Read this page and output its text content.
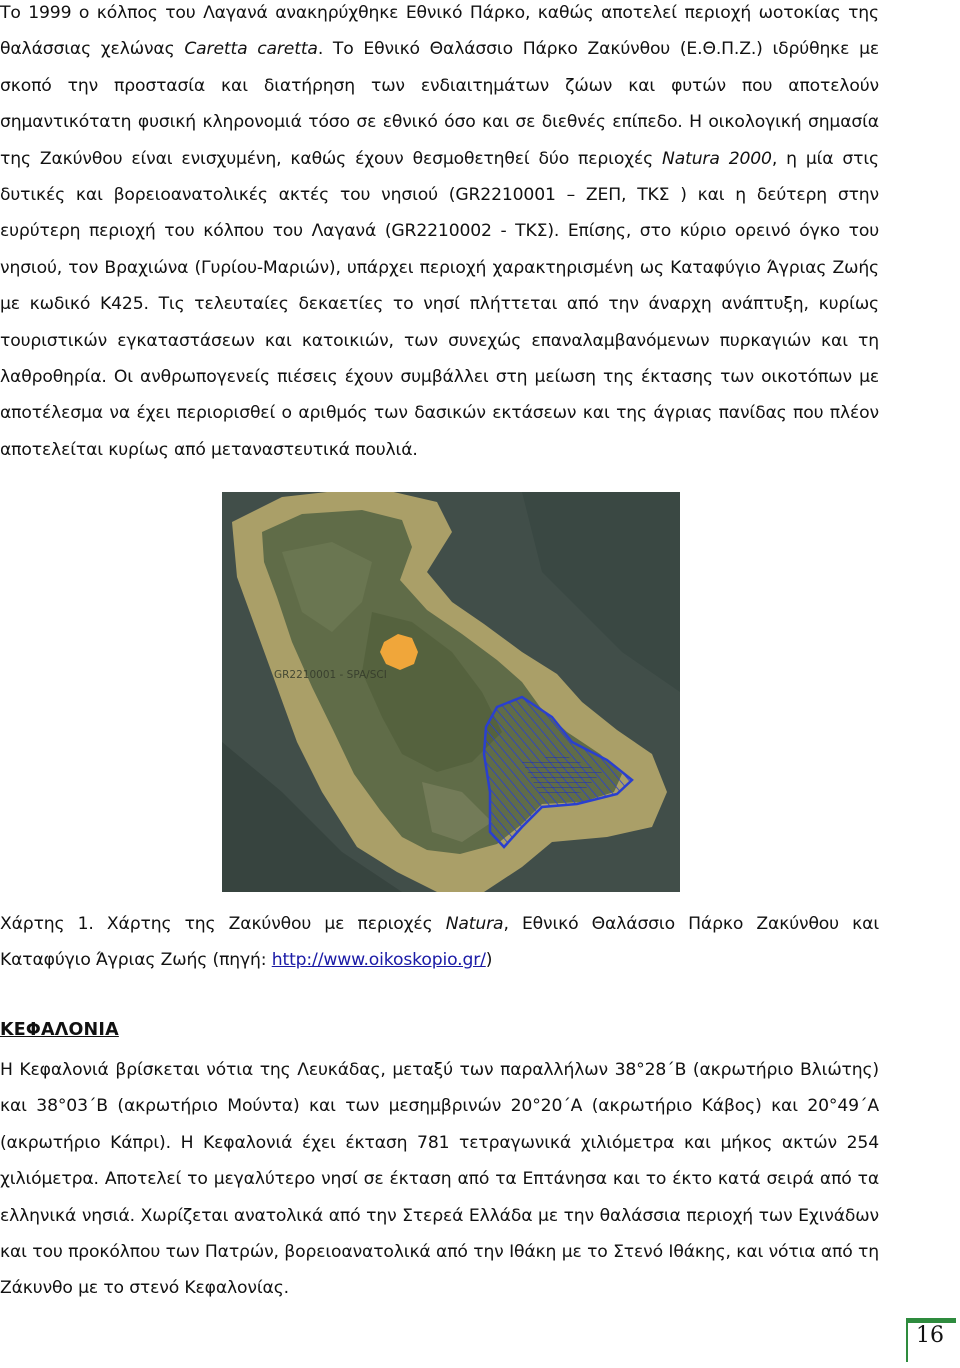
Το 1999 ο κόλπος του Λαγανά ανακηρύχθηκε Εθνικό Πάρκο, καθώς αποτελεί περιοχή ωοτοκίας της θαλάσσιας χελώνας Caretta caretta. Το Εθνικό Θαλάσσιο Πάρκο Ζακύνθου (Ε.Θ.Π.Ζ.) ιδρύθηκε με σκοπό την προστασία και διατήρηση των ενδιαιτημάτων ζώων και φυτών που αποτελούν σημαντικότατη φυσική κληρονομιά τόσο σε εθνικό όσο και σε διεθνές επίπεδο. Η οικολογική σημασία της Ζακύνθου είναι ενισχυμένη, καθώς έχουν θεσμοθετηθεί δύο περιοχές Natura 2000, η μία στις δυτικές και βορειοανατολικές ακτές του νησιού (GR2210001 – ΖΕΠ, ΤΚΣ ) και η δεύτερη στην ευρύτερη περιοχή του κόλπου του Λαγανά (GR2210002 - ΤΚΣ). Επίσης, στο κύριο ορεινό όγκο του νησιού, τον Βραχιώνα (Γυρίου-Μαριών), υπάρχει περιοχή χαρακτηρισμένη ως Καταφύγιο Άγριας Ζωής με κωδικό Κ425. Τις τελευταίες δεκαετίες το νησί πλήττεται από την άναρχη ανάπτυξη, κυρίως τουριστικών εγκαταστάσεων και κατοικιών, των συνεχώς επαναλαμβανόμενων πυρκαγιών και τη λαθροθηρία. Οι ανθρωπογενείς πιέσεις έχουν συμβάλλει στη μείωση της έκτασης των οικοτόπων με αποτέλεσμα να έχει περιορισθεί ο αριθμός των δασικών εκτάσεων και της άγριας πανίδας που πλέον αποτελείται κυρίως από μεταναστευτικά πουλιά.

GR2210001 - SPA/SCI

Χάρτης 1. Χάρτης της Ζακύνθου με περιοχές Natura, Εθνικό Θαλάσσιο Πάρκο Ζακύνθου και Καταφύγιο Άγριας Ζωής (πηγή: http://www.oikoskopio.gr/)

ΚΕΦΑΛΟΝΙΑ

Η Κεφαλονιά βρίσκεται νότια της Λευκάδας, μεταξύ των παραλλήλων 38°28΄Β (ακρωτήριο Βλιώτης) και 38°03΄Β (ακρωτήριο Μούντα) και των μεσημβρινών 20°20΄Α (ακρωτήριο Κάβος) και 20°49΄Α (ακρωτήριο Κάπρι). Η Κεφαλονιά έχει έκταση 781 τετραγωνικά χιλιόμετρα και μήκος ακτών 254 χιλιόμετρα. Αποτελεί το μεγαλύτερο νησί σε έκταση από τα Επτάνησα και το έκτο κατά σειρά από τα ελληνικά νησιά. Χωρίζεται ανατολικά από την Στερεά Ελλάδα με την θαλάσσια περιοχή των Εχινάδων και του προκόλπου των Πατρών, βορειοανατολικά από την Ιθάκη με το Στενό Ιθάκης, και νότια από τη Ζάκυνθο με το στενό Κεφαλονίας.

16
